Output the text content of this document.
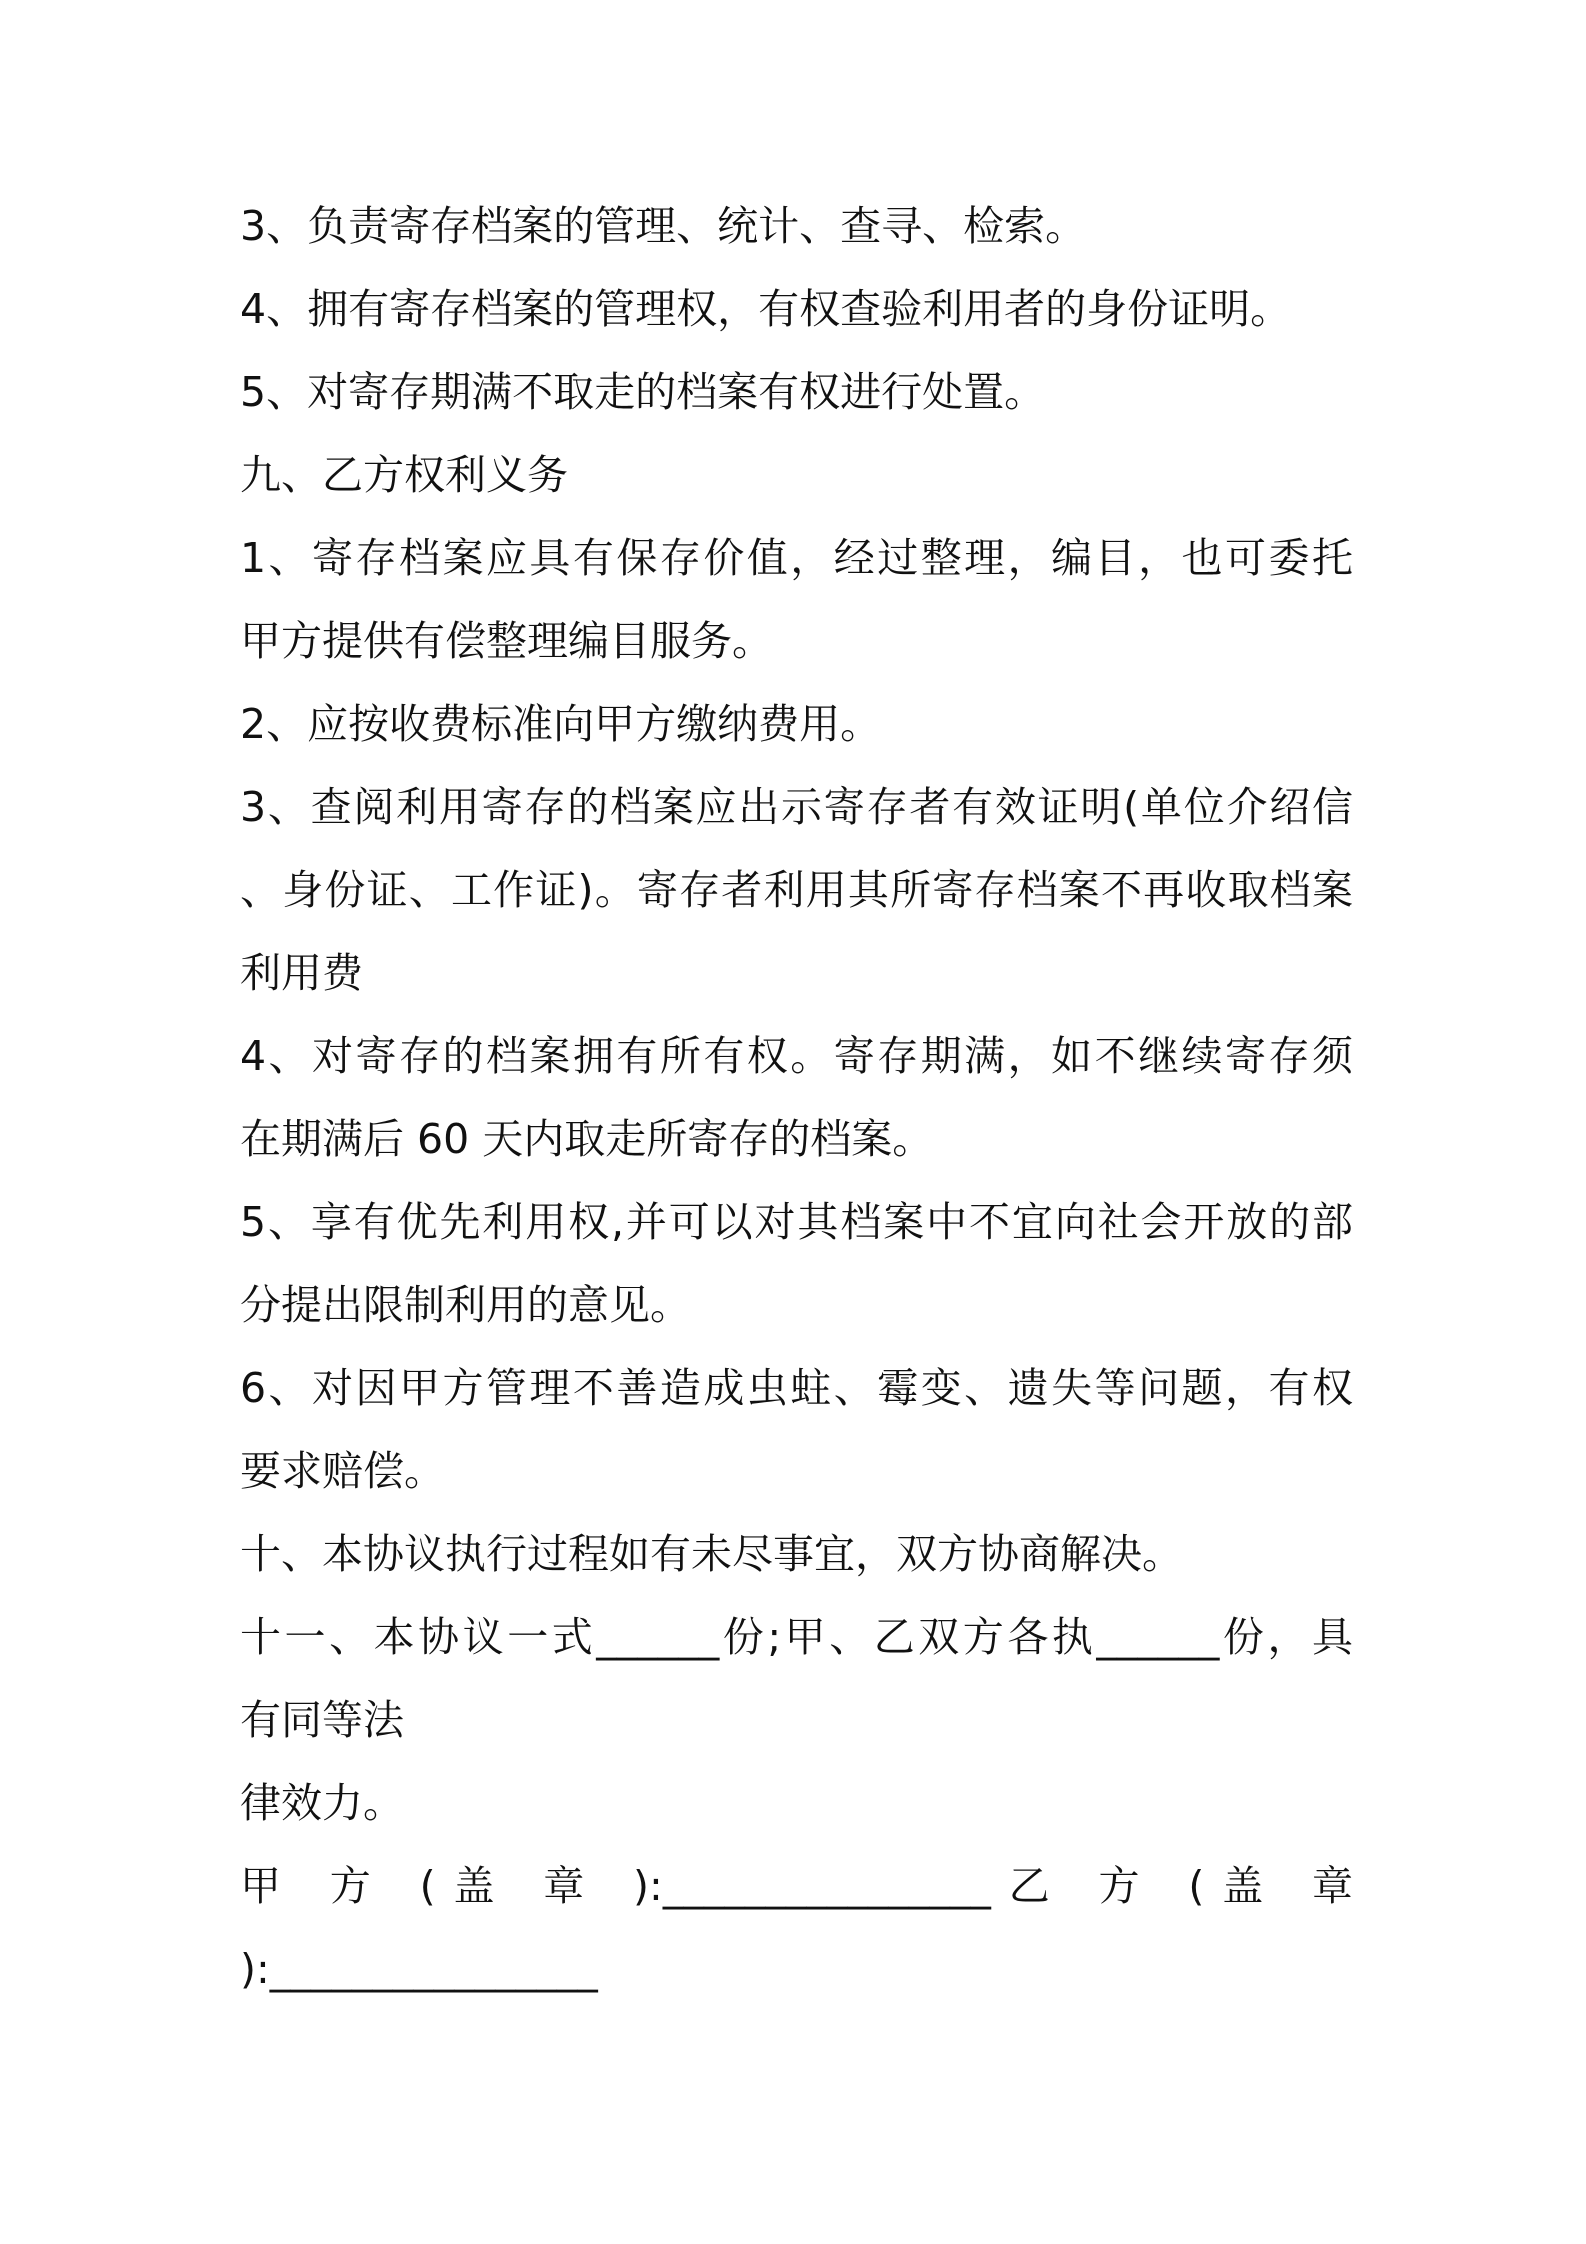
3、负责寄存档案的管理、统计、查寻、检索。
4、拥有寄存档案的管理权，有权查验利用者的身份证明。
5、对寄存期满不取走的档案有权进行处置。
九、乙方权利义务
1、寄存档案应具有保存价值，经过整理，编目，也可委托
甲方提供有偿整理编目服务。
2、应按收费标准向甲方缴纳费用。
3、查阅利用寄存的档案应出示寄存者有效证明(单位介绍信
、身份证、工作证)。寄存者利用其所寄存档案不再收取档案
利用费
4、对寄存的档案拥有所有权。寄存期满，如不继续寄存须
在期满后 60 天内取走所寄存的档案。
5、享有优先利用权,并可以对其档案中不宜向社会开放的部
分提出限制利用的意见。
6、对因甲方管理不善造成虫蛀、霉变、遗失等问题，有权
要求赔偿。
十、本协议执行过程如有未尽事宜，双方协商解决。
十一、本协议一式______份;甲、乙双方各执______份，具
有同等法
律效力。
甲 方 (盖 章 ):________________乙 方 (盖 章
):________________
